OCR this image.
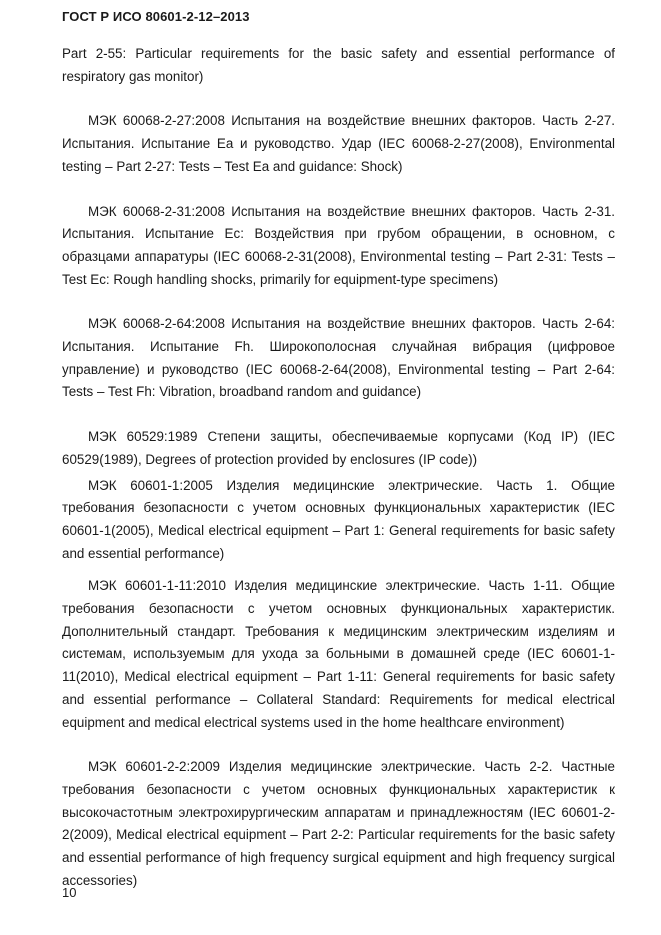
ГОСТ Р ИСО 80601-2-12–2013

Part 2-55: Particular requirements for the basic safety and essential performance of respiratory gas monitor)

МЭК 60068-2-27:2008 Испытания на воздействие внешних факторов. Часть 2-27. Испытания. Испытание Ea и руководство. Удар (IEC 60068-2-27(2008), Environmental testing – Part 2-27: Tests – Test Ea and guidance: Shock)

МЭК 60068-2-31:2008 Испытания на воздействие внешних факторов. Часть 2-31. Испытания. Испытание Ec: Воздействия при грубом обращении, в основном, с образцами аппаратуры (IEC 60068-2-31(2008), Environmental testing – Part 2-31: Tests – Test Ec: Rough handling shocks, primarily for equipment-type specimens)

МЭК 60068-2-64:2008 Испытания на воздействие внешних факторов. Часть 2-64: Испытания. Испытание Fh. Широкополосная случайная вибрация (цифровое управление) и руководство (IEC 60068-2-64(2008), Environmental testing – Part 2-64: Tests – Test Fh: Vibration, broadband random and guidance)

МЭК 60529:1989 Степени защиты, обеспечиваемые корпусами (Код IP) (IEC 60529(1989), Degrees of protection provided by enclosures (IP code))

МЭК 60601-1:2005 Изделия медицинские электрические. Часть 1. Общие требования безопасности с учетом основных функциональных характеристик (IEC 60601-1(2005), Medical electrical equipment – Part 1: General requirements for basic safety and essential performance)

МЭК 60601-1-11:2010 Изделия медицинские электрические. Часть 1-11. Общие требования безопасности с учетом основных функциональных характеристик. Дополнительный стандарт. Требования к медицинским электрическим изделиям и системам, используемым для ухода за больными в домашней среде (IEC 60601-1-11(2010), Medical electrical equipment – Part 1-11: General requirements for basic safety and essential performance – Collateral Standard: Requirements for medical electrical equipment and medical electrical systems used in the home healthcare environment)

МЭК 60601-2-2:2009 Изделия медицинские электрические. Часть 2-2. Частные требования безопасности с учетом основных функциональных характеристик к высокочастотным электрохирургическим аппаратам и принадлежностям (IEC 60601-2-2(2009), Medical electrical equipment – Part 2-2: Particular requirements for the basic safety and essential performance of high frequency surgical equipment and high frequency surgical accessories)

10
